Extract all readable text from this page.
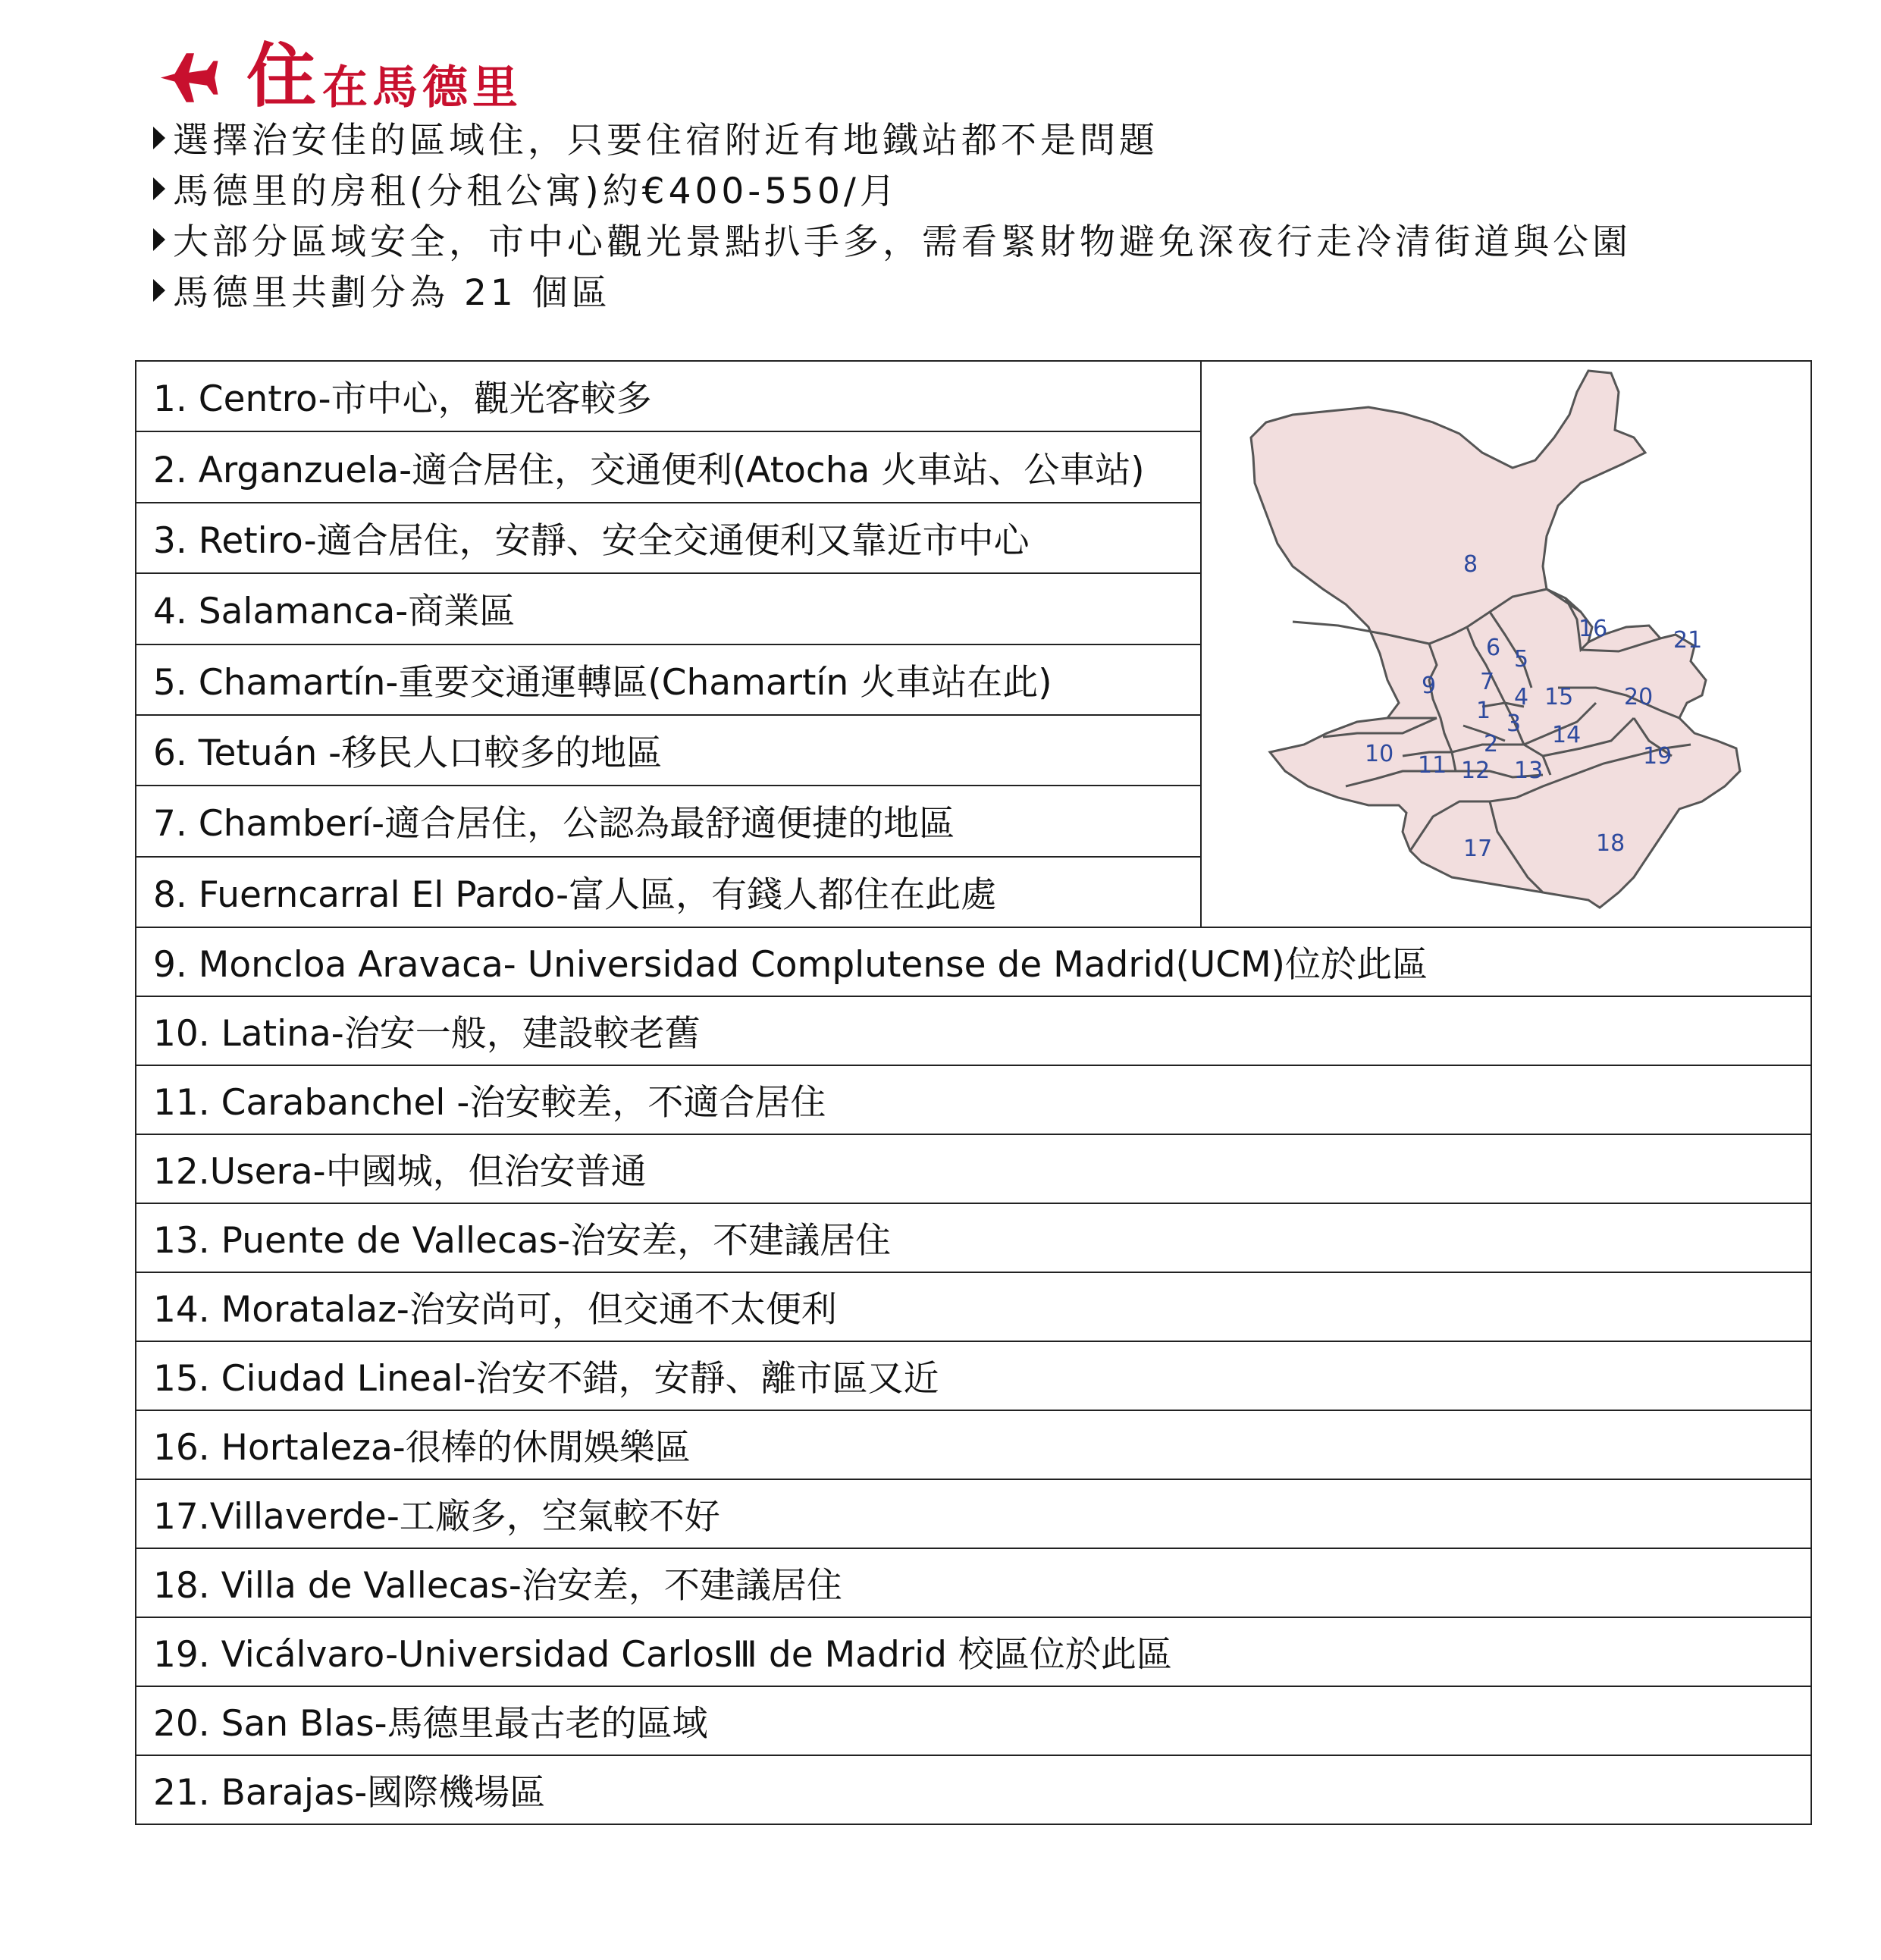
住 在馬德里
選擇治安佳的區域住，只要住宿附近有地鐵站都不是問題
馬德里的房租(分租公寓)約€400-550/月
大部分區域安全，市中心觀光景點扒手多，需看緊財物避免深夜行走冷清街道與公園
馬德里共劃分為 21 個區
1. Centro-市中心，觀光客較多	
8
16	21
6 5
9 7
4 15 20
1 3 14
2
10 11 12 13
19
17	18

2. Arganzuela-適合居住，交通便利(Atocha 火車站、公車站)
3. Retiro-適合居住，安靜、安全交通便利又靠近市中心
4. Salamanca-商業區
5. Chamartín-重要交通運轉區(Chamartín 火車站在此)
6. Tetuán -移民人口較多的地區
7. Chamberí-適合居住，公認為最舒適便捷的地區
8. Fuerncarral El Pardo-富人區，有錢人都住在此處
9. Moncloa Aravaca- Universidad Complutense de Madrid(UCM)位於此區
10. Latina-治安一般，建設較老舊
11. Carabanchel -治安較差，不適合居住
12.Usera-中國城，但治安普通
13. Puente de Vallecas-治安差，不建議居住
14. Moratalaz-治安尚可，但交通不太便利
15. Ciudad Lineal-治安不錯，安靜、離市區又近
16. Hortaleza-很棒的休閒娛樂區
17.Villaverde-工廠多，空氣較不好
18. Villa de Vallecas-治安差，不建議居住
19. Vicálvaro-Universidad CarlosⅢ de Madrid 校區位於此區
20. San Blas-馬德里最古老的區域
21. Barajas-國際機場區
